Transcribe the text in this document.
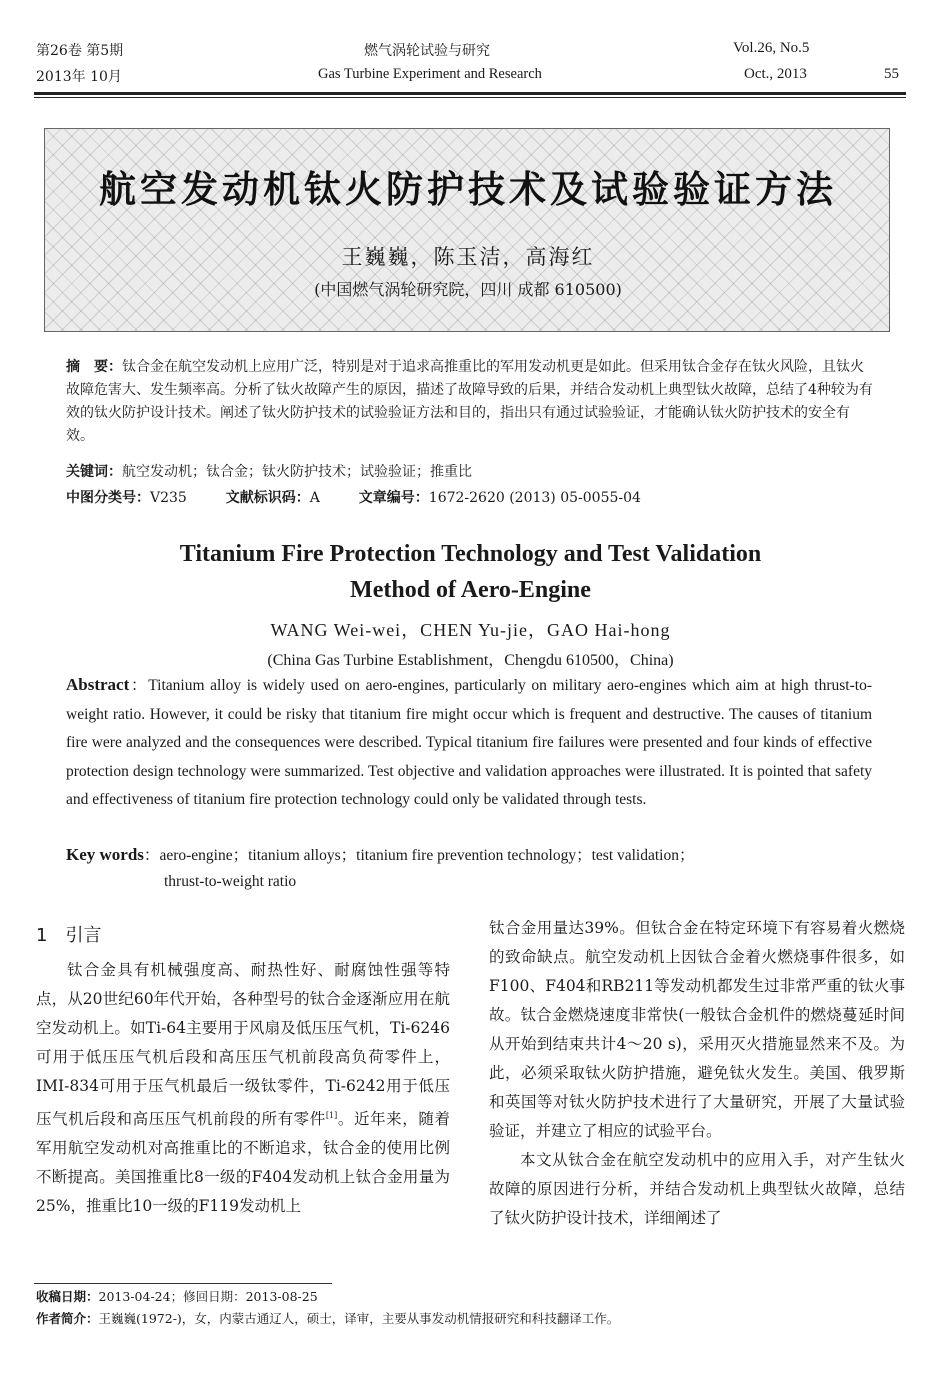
第26卷 第5期
2013年 10月
燃气涡轮试验与研究
Gas Turbine Experiment and Research
Vol.26, No.5
Oct., 2013	55
航空发动机钛火防护技术及试验验证方法
王巍巍，陈玉洁，高海红
(中国燃气涡轮研究院，四川 成都 610500)
摘　要：钛合金在航空发动机上应用广泛，特别是对于追求高推重比的军用发动机更是如此。但采用钛合金存在钛火风险，且钛火故障危害大、发生频率高。分析了钛火故障产生的原因，描述了故障导致的后果，并结合发动机上典型钛火故障，总结了4种较为有效的钛火防护设计技术。阐述了钛火防护技术的试验验证方法和目的，指出只有通过试验验证，才能确认钛火防护技术的安全有效。
关键词：航空发动机；钛合金；钛火防护技术；试验验证；推重比
中图分类号：V235	文献标识码：A	文章编号：1672-2620 (2013) 05-0055-04
Titanium Fire Protection Technology and Test Validation
Method of Aero-Engine
WANG Wei-wei，CHEN Yu-jie，GAO Hai-hong
(China Gas Turbine Establishment，Chengdu 610500，China)
Abstract：Titanium alloy is widely used on aero-engines, particularly on military aero-engines which aim at high thrust-to-weight ratio. However, it could be risky that titanium fire might occur which is frequent and destructive. The causes of titanium fire were analyzed and the consequences were described. Typical titanium fire failures were presented and four kinds of effective protection design technology were summarized. Test objective and validation approaches were illustrated. It is pointed that safety and effectiveness of titanium fire protection technology could only be validated through tests.
Key words：aero-engine；titanium alloys；titanium fire prevention technology；test validation；
thrust-to-weight ratio
1　引言

钛合金具有机械强度高、耐热性好、耐腐蚀性强等特点，从20世纪60年代开始，各种型号的钛合金逐渐应用在航空发动机上。如Ti-64主要用于风扇及低压压气机，Ti-6246可用于低压压气机后段和高压压气机前段高负荷零件上，IMI-834可用于压气机最后一级钛零件，Ti-6242用于低压压气机后段和高压压气机前段的所有零件[1]。近年来，随着军用航空发动机对高推重比的不断追求，钛合金的使用比例不断提高。美国推重比8一级的F404发动机上钛合金用量为25%，推重比10一级的F119发动机上

钛合金用量达39%。但钛合金在特定环境下有容易着火燃烧的致命缺点。航空发动机上因钛合金着火燃烧事件很多，如F100、F404和RB211等发动机都发生过非常严重的钛火事故。钛合金燃烧速度非常快(一般钛合金机件的燃烧蔓延时间从开始到结束共计4～20 s)，采用灭火措施显然来不及。为此，必须采取钛火防护措施，避免钛火发生。美国、俄罗斯和英国等对钛火防护技术进行了大量研究，开展了大量试验验证，并建立了相应的试验平台。

本文从钛合金在航空发动机中的应用入手，对产生钛火故障的原因进行分析，并结合发动机上典型钛火故障，总结了钛火防护设计技术，详细阐述了

收稿日期：2013-04-24；修回日期：2013-08-25
作者简介：王巍巍(1972-)，女，内蒙古通辽人，硕士，译审，主要从事发动机情报研究和科技翻译工作。
